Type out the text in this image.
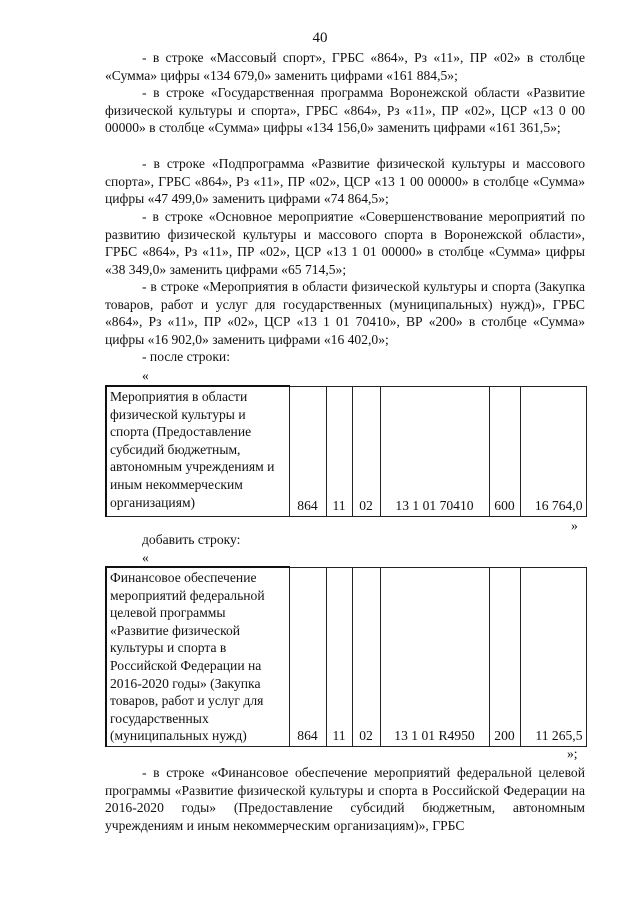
40

- в строке «Массовый спорт», ГРБС «864», Рз «11», ПР «02» в столбце «Сумма» цифры «134 679,0» заменить цифрами «161 884,5»;

- в строке «Государственная программа Воронежской области «Развитие физической культуры и спорта», ГРБС «864», Рз «11», ПР «02», ЦСР «13 0 00 00000» в столбце «Сумма» цифры «134 156,0» заменить цифрами «161 361,5»;

- в строке «Подпрограмма «Развитие физической культуры и массового спорта», ГРБС «864», Рз «11», ПР «02», ЦСР «13 1 00 00000» в столбце «Сумма» цифры «47 499,0» заменить цифрами «74 864,5»;

- в строке «Основное мероприятие «Совершенствование мероприятий по развитию физической культуры и массового спорта в Воронежской области», ГРБС «864», Рз «11», ПР «02», ЦСР «13 1 01 00000» в столбце «Сумма» цифры «38 349,0» заменить цифрами «65 714,5»;

- в строке «Мероприятия в области физической культуры и спорта (Закупка товаров, работ и услуг для государственных (муниципальных) нужд)», ГРБС «864», Рз «11», ПР «02», ЦСР «13 1 01 70410», ВР «200» в столбце «Сумма» цифры «16 902,0» заменить цифрами «16 402,0»;

- после строки:

«

Мероприятия в области физической культуры и спорта (Предоставление субсидий бюджетным, автономным учреждениям и иным некоммерческим организациям)	864	11	02	13 1 01 70410	600	16 764,0

»

добавить строку:

«

Финансовое обеспечение мероприятий федеральной целевой программы «Развитие физической культуры и спорта в Российской Федерации на 2016-2020 годы» (Закупка товаров, работ и услуг для государственных (муниципальных нужд)	864	11	02	13 1 01 R4950	200	11 265,5

»;

- в строке «Финансовое обеспечение мероприятий федеральной целевой программы «Развитие физической культуры и спорта в Российской Федерации на 2016-2020 годы» (Предоставление субсидий бюджетным, автономным учреждениям и иным некоммерческим организациям)», ГРБС
